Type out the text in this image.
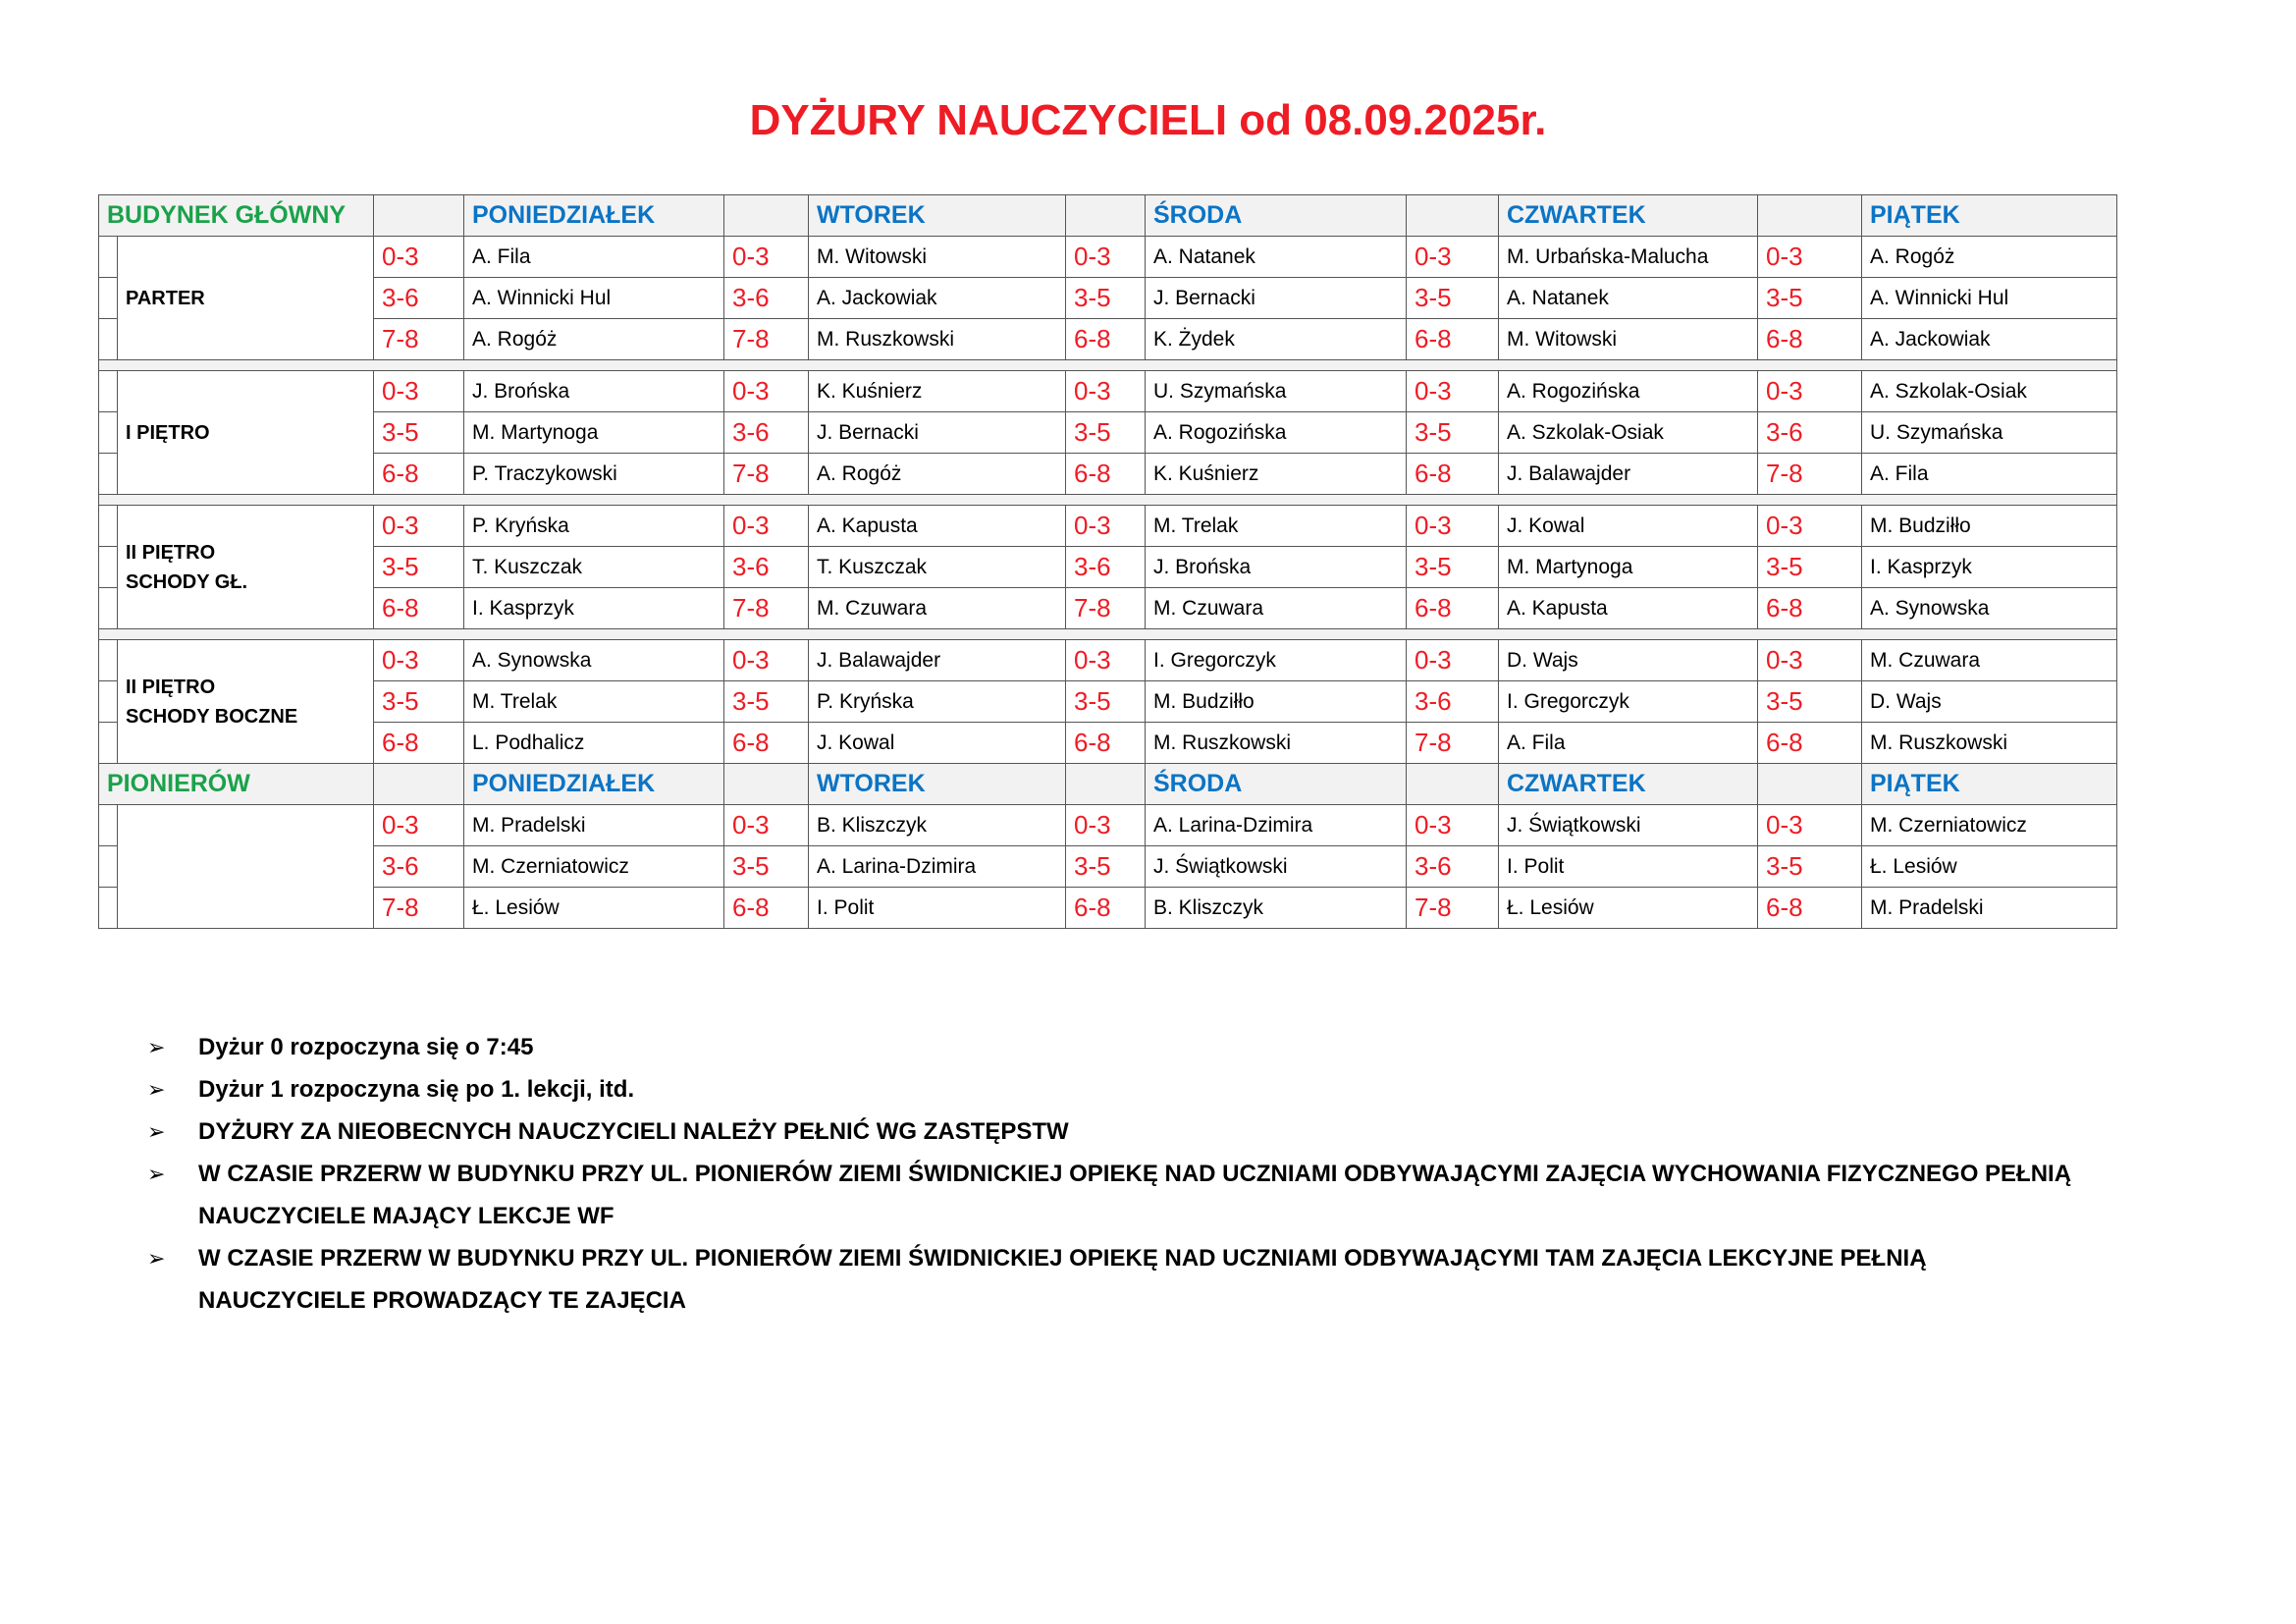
DYŻURY NAUCZYCIELI od 08.09.2025r.
BUDYNEK GŁÓWNY			PONIEDZIAŁEK		WTOREK		ŚRODA		CZWARTEK		PIĄTEK
	PARTER	0-3	A. Fila	0-3	M. Witowski	0-3	A. Natanek	0-3	M. Urbańska-Malucha	0-3	A. Rogóż
		3-6	A. Winnicki Hul	3-6	A. Jackowiak	3-5	J. Bernacki	3-5	A. Natanek	3-5	A. Winnicki Hul
		7-8	A. Rogóż	7-8	M. Ruszkowski	6-8	K. Żydek	6-8	M. Witowski	6-8	A. Jackowiak

	I PIĘTRO	0-3	J. Brońska	0-3	K. Kuśnierz	0-3	U. Szymańska	0-3	A. Rogozińska	0-3	A. Szkolak-Osiak
		3-5	M. Martynoga	3-6	J. Bernacki	3-5	A. Rogozińska	3-5	A. Szkolak-Osiak	3-6	U. Szymańska
		6-8	P. Traczykowski	7-8	A. Rogóż	6-8	K. Kuśnierz	6-8	J. Balawajder	7-8	A. Fila

	II PIĘTRO
SCHODY GŁ.	0-3	P. Kryńska	0-3	A. Kapusta	0-3	M. Trelak	0-3	J. Kowal	0-3	M. Budziłło
		3-5	T. Kuszczak	3-6	T. Kuszczak	3-6	J. Brońska	3-5	M. Martynoga	3-5	I. Kasprzyk
		6-8	I. Kasprzyk	7-8	M. Czuwara	7-8	M. Czuwara	6-8	A. Kapusta	6-8	A. Synowska

	II PIĘTRO
SCHODY BOCZNE	0-3	A. Synowska	0-3	J. Balawajder	0-3	I. Gregorczyk	0-3	D. Wajs	0-3	M. Czuwara
		3-5	M. Trelak	3-5	P. Kryńska	3-5	M. Budziłło	3-6	I. Gregorczyk	3-5	D. Wajs
		6-8	L. Podhalicz	6-8	J. Kowal	6-8	M. Ruszkowski	7-8	A. Fila	6-8	M. Ruszkowski
PIONIERÓW			PONIEDZIAŁEK		WTOREK		ŚRODA		CZWARTEK		PIĄTEK
		0-3	M. Pradelski	0-3	B. Kliszczyk	0-3	A. Larina-Dzimira	0-3	J. Świątkowski	0-3	M. Czerniatowicz
		3-6	M. Czerniatowicz	3-5	A. Larina-Dzimira	3-5	J. Świątkowski	3-6	I. Polit	3-5	Ł. Lesiów
		7-8	Ł. Lesiów	6-8	I. Polit	6-8	B. Kliszczyk	7-8	Ł. Lesiów	6-8	M. Pradelski
➢ Dyżur 0 rozpoczyna się o 7:45
➢ Dyżur 1 rozpoczyna się po 1. lekcji, itd.
➢ DYŻURY ZA NIEOBECNYCH NAUCZYCIELI NALEŻY PEŁNIĆ WG ZASTĘPSTW
➢ W CZASIE PRZERW W BUDYNKU PRZY UL. PIONIERÓW ZIEMI ŚWIDNICKIEJ OPIEKĘ NAD UCZNIAMI ODBYWAJĄCYMI ZAJĘCIA WYCHOWANIA FIZYCZNEGO PEŁNIĄ
NAUCZYCIELE MAJĄCY LEKCJE WF
➢ W CZASIE PRZERW W BUDYNKU PRZY UL. PIONIERÓW ZIEMI ŚWIDNICKIEJ OPIEKĘ NAD UCZNIAMI ODBYWAJĄCYMI TAM ZAJĘCIA LEKCYJNE PEŁNIĄ
NAUCZYCIELE PROWADZĄCY TE ZAJĘCIA
